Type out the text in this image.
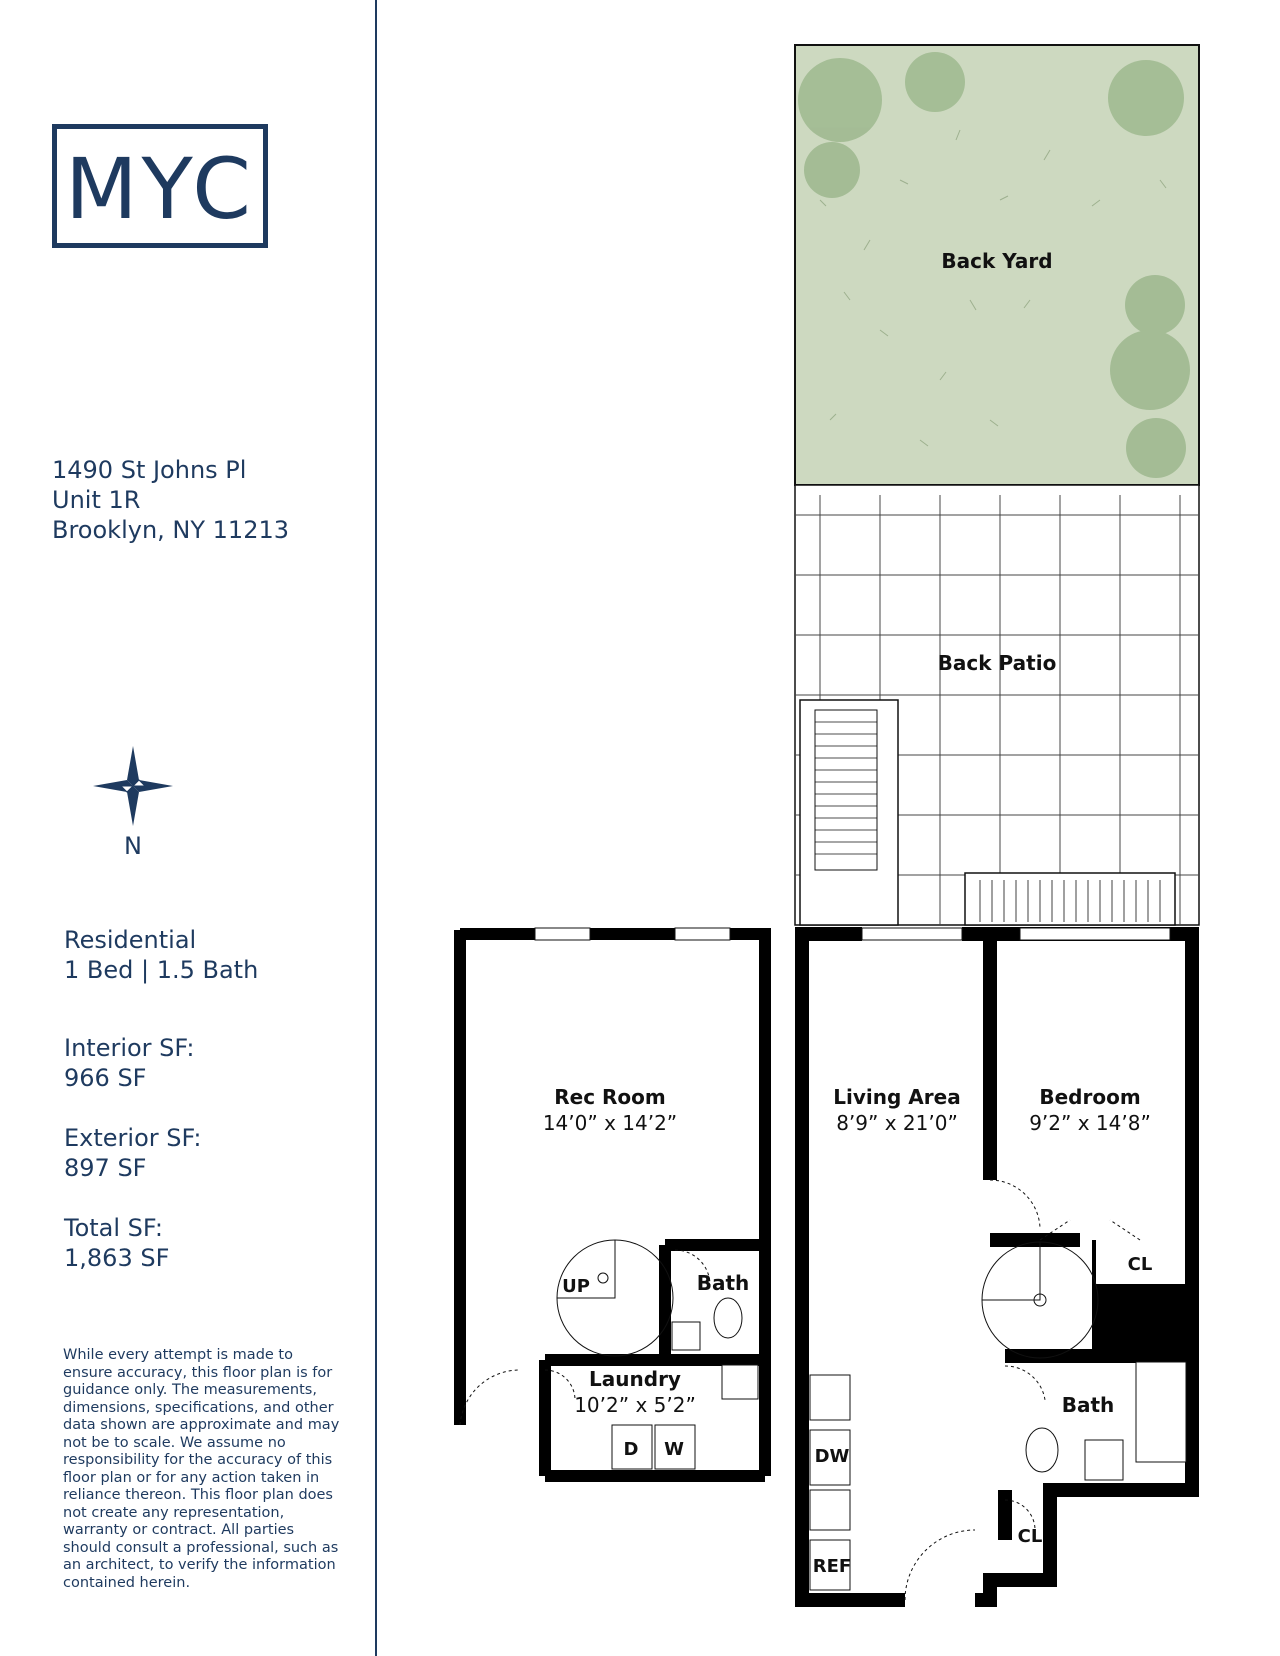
MYC
1490 St Johns Pl
Unit 1R
Brooklyn, NY 11213
N
Residential
1 Bed | 1.5 Bath
Interior SF:
966 SF
Exterior SF:
897 SF
Total SF:
1,863 SF
While every attempt is made to ensure accuracy, this floor plan is for guidance only. The measurements, dimensions, specifications, and other data shown are approximate and may not be to scale. We assume no responsibility for the accuracy of this floor plan or for any action taken in reliance thereon. This floor plan does not create any representation, warranty or contract. All parties should consult a professional, such as an architect, to verify the information contained herein.
Back Yard
Back Patio
Living Area
8’9” x 21’0”
Bedroom
9’2” x 14’8”
CL
Bath
CL
DW
REF
Rec Room
14’0” x 14’2”
UP	Bath
Laundry
10’2” x 5’2”
D W
